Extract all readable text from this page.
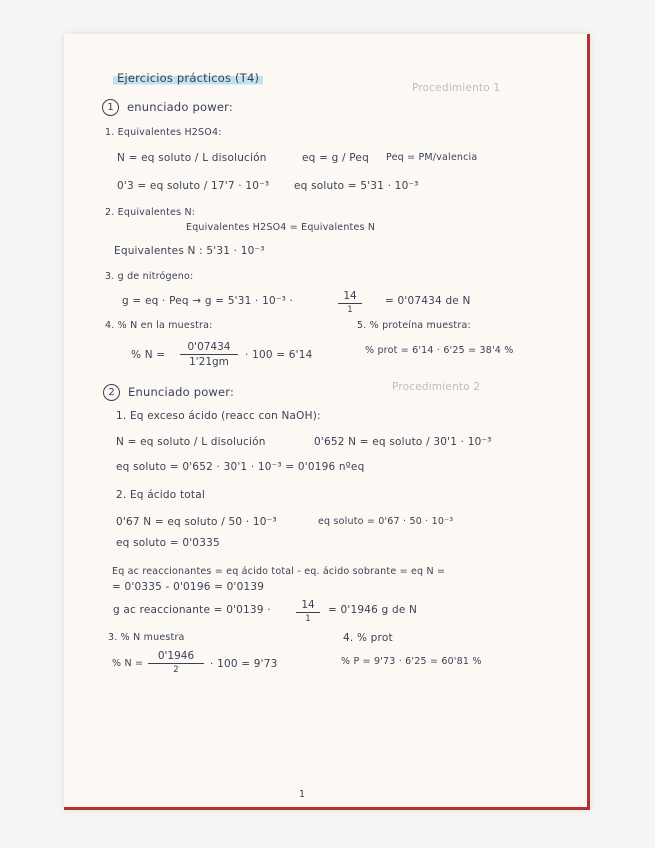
Ejercicios prácticos (T4)
Procedimiento 1
1	enunciado power:
1. Equivalentes H2SO4:
N = eq soluto / L disolución	eq = g / Peq Peq = PM/valencia
0'3 = eq soluto / 17'7 · 10⁻³ eq soluto = 5'31 · 10⁻³
2. Equivalentes N:
Equivalentes H2SO4 = Equivalentes N
Equivalentes N : 5'31 · 10⁻³
3. g de nitrógeno:
g = eq · Peq → g = 5'31 · 10⁻³ ·	14
1
= 0'07434 de N
4. % N en la muestra:	5. % proteína muestra:
% N =
0'07434
1'21gm
· 100 = 6'14	% prot = 6'14 · 6'25 = 38'4 %
2	Enunciado power:	Procedimiento 2
1. Eq exceso ácido (reacc con NaOH):
N = eq soluto / L disolución	0'652 N = eq soluto / 30'1 · 10⁻³
eq soluto = 0'652 · 30'1 · 10⁻³ = 0'0196 nºeq
2. Eq ácido total
0'67 N = eq soluto / 50 · 10⁻³	eq soluto = 0'67 · 50 · 10⁻³
eq soluto = 0'0335
Eq ac reaccionantes = eq ácido total - eq. ácido sobrante = eq N =
= 0'0335 - 0'0196 = 0'0139
g ac reaccionante = 0'0139 ·	14
1
= 0'1946 g de N
3. % N muestra	4. % prot
% N =
0'1946
2	· 100 = 9'73	% P = 9'73 · 6'25 = 60'81 %
1
